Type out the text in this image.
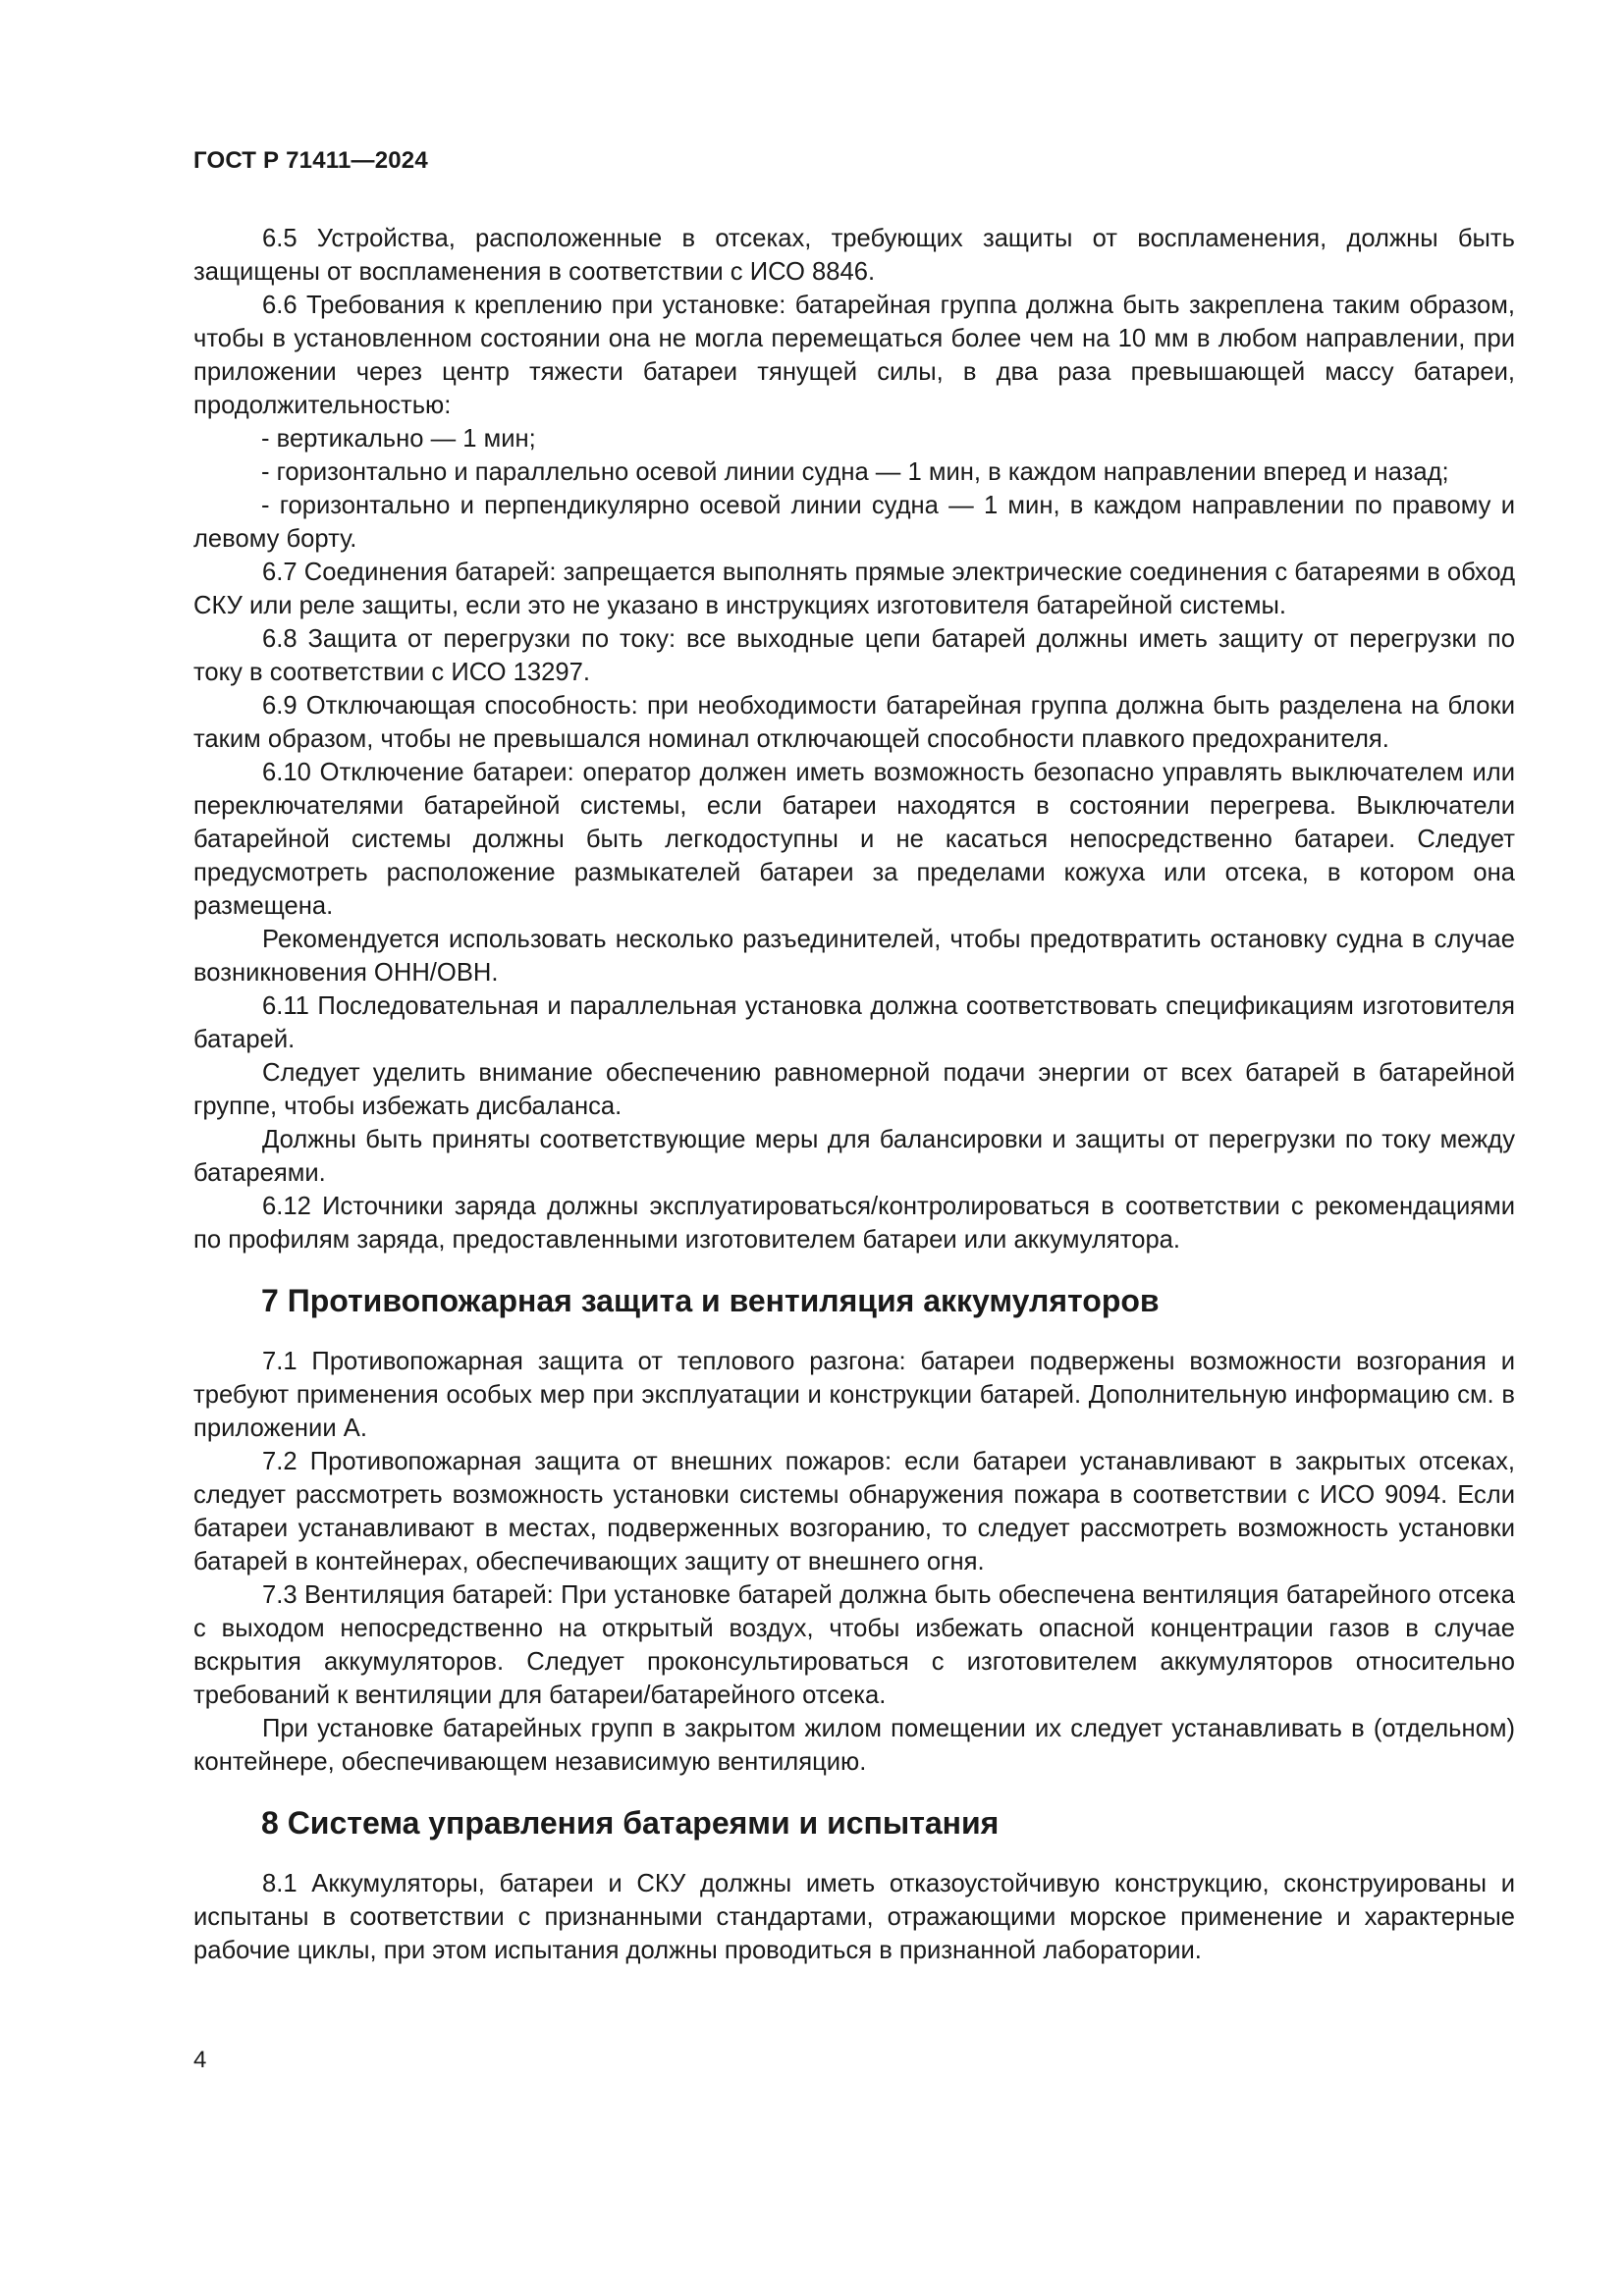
ГОСТ Р 71411—2024

6.5 Устройства, расположенные в отсеках, требующих защиты от воспламенения, должны быть защищены от воспламенения в соответствии с ИСО 8846.

6.6 Требования к креплению при установке: батарейная группа должна быть закреплена таким образом, чтобы в установленном состоянии она не могла перемещаться более чем на 10 мм в любом направлении, при приложении через центр тяжести батареи тянущей силы, в два раза превышающей массу батареи, продолжительностью:

- вертикально — 1 мин;

- горизонтально и параллельно осевой линии судна — 1 мин, в каждом направлении вперед и назад;

- горизонтально и перпендикулярно осевой линии судна — 1 мин, в каждом направлении по правому и левому борту.

6.7 Соединения батарей: запрещается выполнять прямые электрические соединения с батареями в обход СКУ или реле защиты, если это не указано в инструкциях изготовителя батарейной системы.

6.8 Защита от перегрузки по току: все выходные цепи батарей должны иметь защиту от перегрузки по току в соответствии с ИСО 13297.

6.9 Отключающая способность: при необходимости батарейная группа должна быть разделена на блоки таким образом, чтобы не превышался номинал отключающей способности плавкого предохранителя.

6.10 Отключение батареи: оператор должен иметь возможность безопасно управлять выключателем или переключателями батарейной системы, если батареи находятся в состоянии перегрева. Выключатели батарейной системы должны быть легкодоступны и не касаться непосредственно батареи. Следует предусмотреть расположение размыкателей батареи за пределами кожуха или отсека, в котором она размещена.

Рекомендуется использовать несколько разъединителей, чтобы предотвратить остановку судна в случае возникновения ОНН/ОВН.

6.11 Последовательная и параллельная установка должна соответствовать спецификациям изготовителя батарей.

Следует уделить внимание обеспечению равномерной подачи энергии от всех батарей в батарейной группе, чтобы избежать дисбаланса.

Должны быть приняты соответствующие меры для балансировки и защиты от перегрузки по току между батареями.

6.12 Источники заряда должны эксплуатироваться/контролироваться в соответствии с рекомендациями по профилям заряда, предоставленными изготовителем батареи или аккумулятора.

7 Противопожарная защита и вентиляция аккумуляторов

7.1 Противопожарная защита от теплового разгона: батареи подвержены возможности возгорания и требуют применения особых мер при эксплуатации и конструкции батарей. Дополнительную информацию см. в приложении А.

7.2 Противопожарная защита от внешних пожаров: если батареи устанавливают в закрытых отсеках, следует рассмотреть возможность установки системы обнаружения пожара в соответствии с ИСО 9094. Если батареи устанавливают в местах, подверженных возгоранию, то следует рассмотреть возможность установки батарей в контейнерах, обеспечивающих защиту от внешнего огня.

7.3 Вентиляция батарей: При установке батарей должна быть обеспечена вентиляция батарейного отсека с выходом непосредственно на открытый воздух, чтобы избежать опасной концентрации газов в случае вскрытия аккумуляторов. Следует проконсультироваться с изготовителем аккумуляторов относительно требований к вентиляции для батареи/батарейного отсека.

При установке батарейных групп в закрытом жилом помещении их следует устанавливать в (отдельном) контейнере, обеспечивающем независимую вентиляцию.

8 Система управления батареями и испытания

8.1 Аккумуляторы, батареи и СКУ должны иметь отказоустойчивую конструкцию, сконструированы и испытаны в соответствии с признанными стандартами, отражающими морское применение и характерные рабочие циклы, при этом испытания должны проводиться в признанной лаборатории.

4
